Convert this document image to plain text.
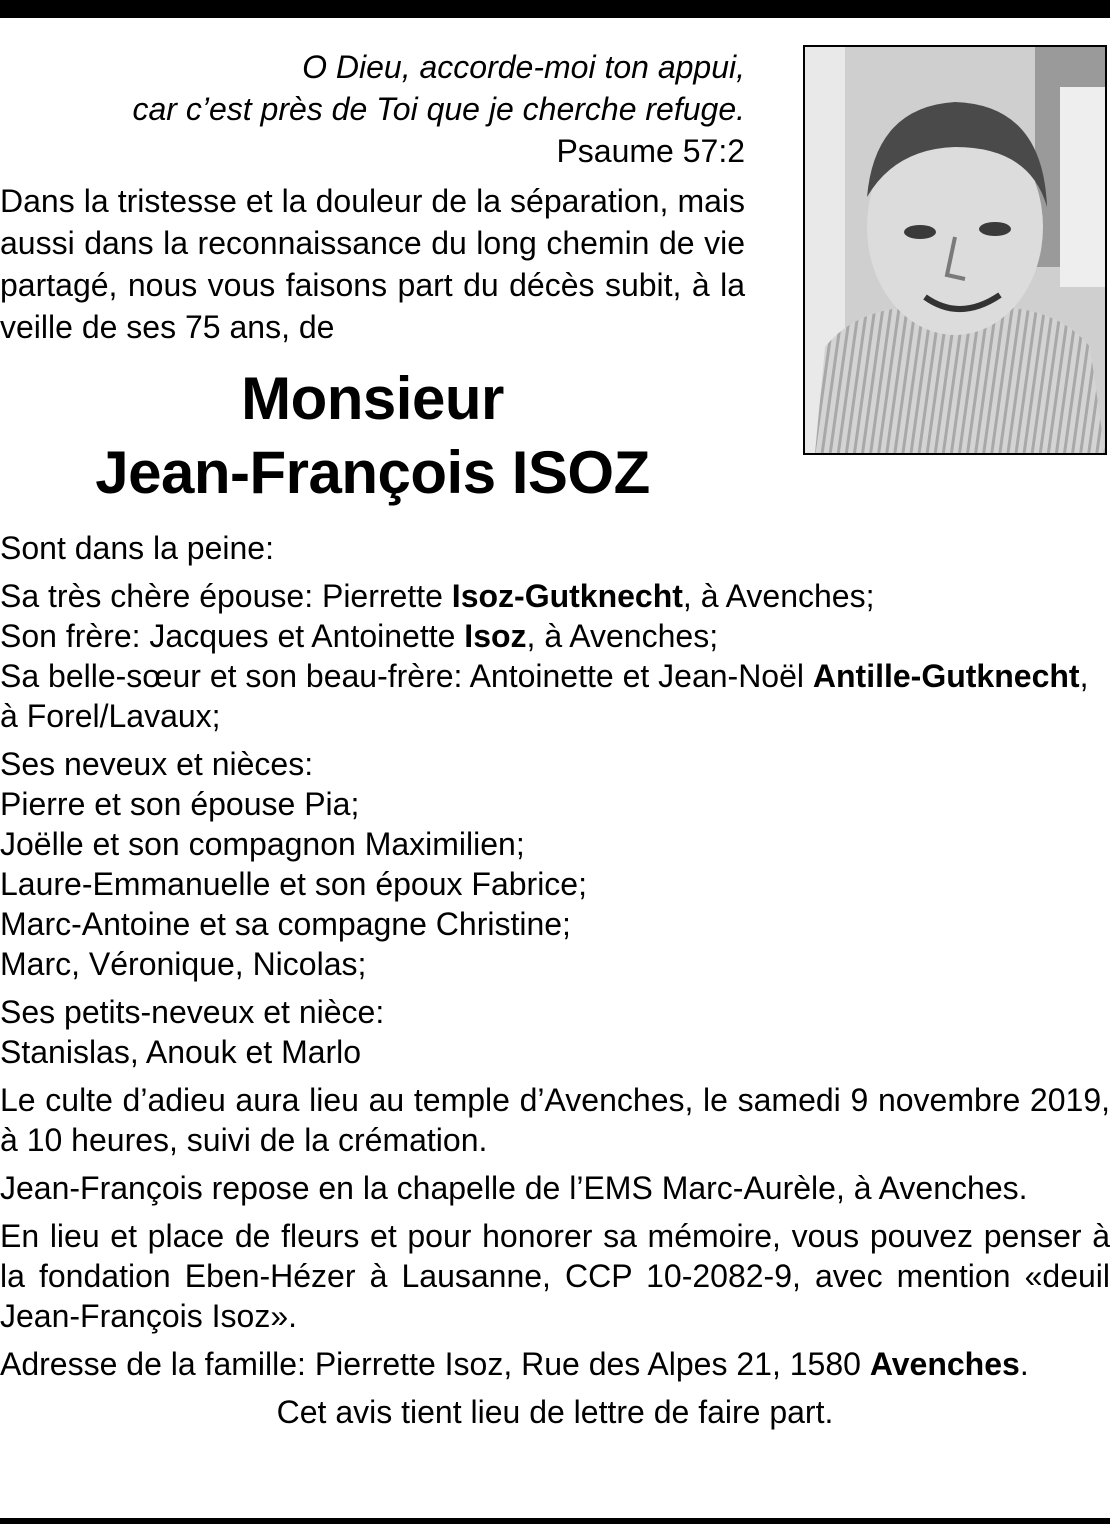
O Dieu, accorde-moi ton appui,
car c’est près de Toi que je cherche refuge.
Psaume 57:2
Dans la tristesse et la douleur de la séparation, mais aussi dans la reconnaissance du long chemin de vie partagé, nous vous faisons part du décès subit, à la veille de ses 75 ans, de
Monsieur
Jean-François ISOZ

Sont dans la peine:

Sa très chère épouse: Pierrette Isoz-Gutknecht, à Avenches;
Son frère: Jacques et Antoinette Isoz, à Avenches;
Sa belle-sœur et son beau-frère: Antoinette et Jean-Noël Antille-Gutknecht,
à Forel/Lavaux;

Ses neveux et nièces:
Pierre et son épouse Pia;
Joëlle et son compagnon Maximilien;
Laure-Emmanuelle et son époux Fabrice;
Marc-Antoine et sa compagne Christine;
Marc, Véronique, Nicolas;

Ses petits-neveux et nièce:
Stanislas, Anouk et Marlo

Le culte d’adieu aura lieu au temple d’Avenches, le samedi 9 novembre 2019, à 10 heures, suivi de la crémation.

Jean-François repose en la chapelle de l’EMS Marc-Aurèle, à Avenches.

En lieu et place de fleurs et pour honorer sa mémoire, vous pouvez penser à la fondation Eben-Hézer à Lausanne, CCP 10-2082-9, avec mention «deuil Jean-François Isoz».

Adresse de la famille: Pierrette Isoz, Rue des Alpes 21, 1580 Avenches.

Cet avis tient lieu de lettre de faire part.
